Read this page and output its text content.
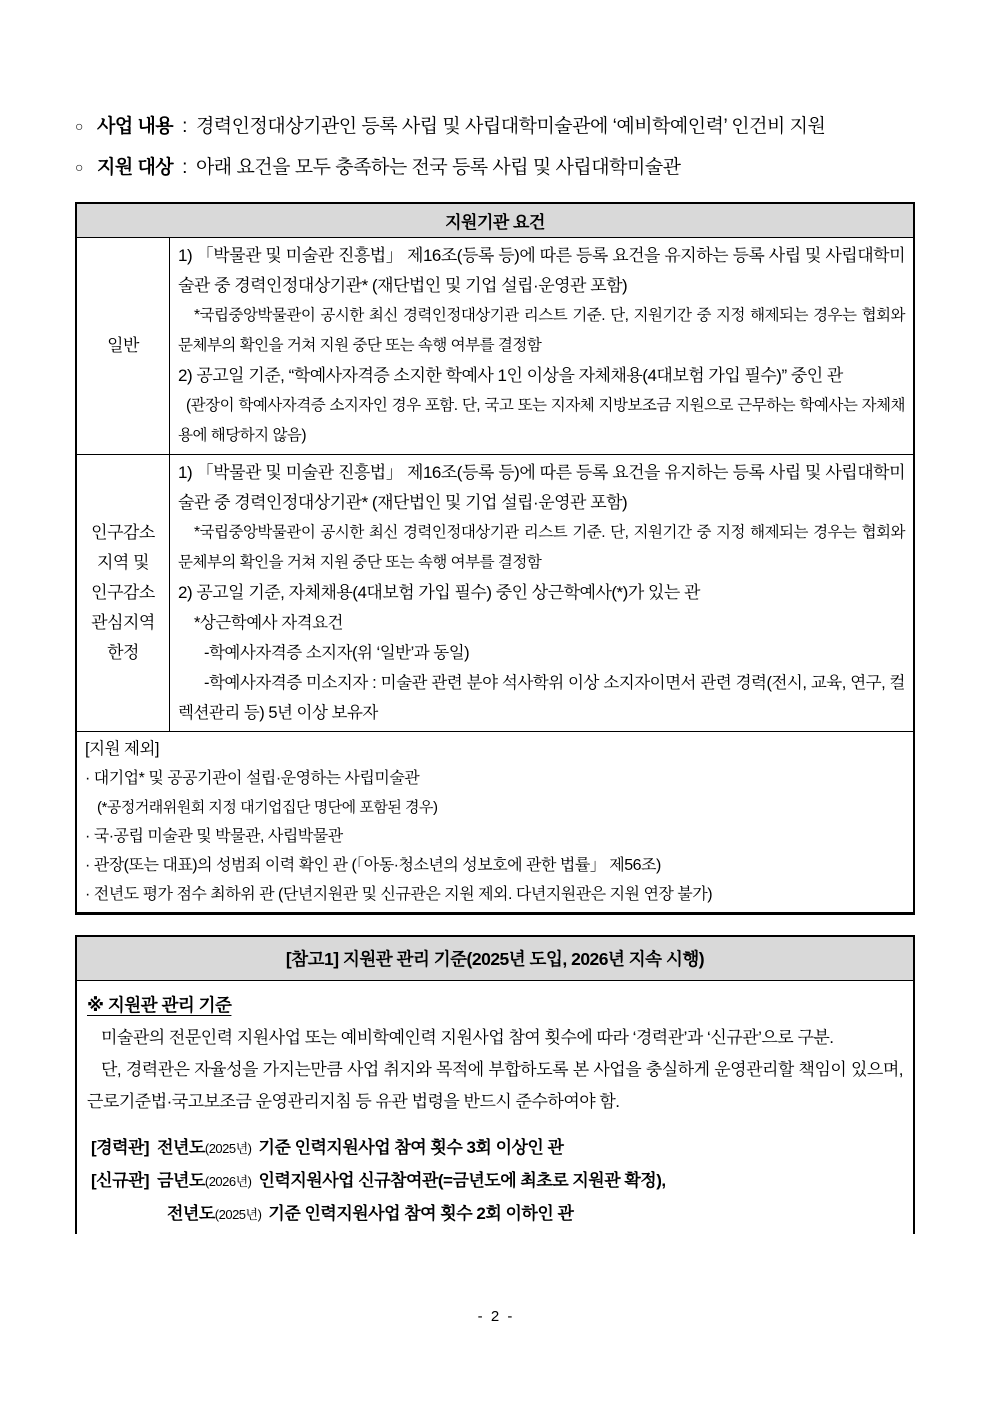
○ 사업 내용 : 경력인정대상기관인 등록 사립 및 사립대학미술관에 ‘예비학예인력’ 인건비 지원
○ 지원 대상 : 아래 요건을 모두 충족하는 전국 등록 사립 및 사립대학미술관
지원기관 요건
일반

1) 「박물관 및 미술관 진흥법」 제16조(등록 등)에 따른 등록 요건을 유지하는 등록 사립 및 사립대학미술관 중 경력인정대상기관* (재단법인 및 기업 설립·운영관 포함)

*국립중앙박물관이 공시한 최신 경력인정대상기관 리스트 기준. 단, 지원기간 중 지정 해제되는 경우는 협회와 문체부의 확인을 거쳐 지원 중단 또는 속행 여부를 결정함

2) 공고일 기준, “학예사자격증 소지한 학예사 1인 이상을 자체채용(4대보험 가입 필수)” 중인 관

(관장이 학예사자격증 소지자인 경우 포함. 단, 국고 또는 지자체 지방보조금 지원으로 근무하는 학예사는 자체채용에 해당하지 않음)

인구감소 지역 및 인구감소 관심지역 한정

1) 「박물관 및 미술관 진흥법」 제16조(등록 등)에 따른 등록 요건을 유지하는 등록 사립 및 사립대학미술관 중 경력인정대상기관* (재단법인 및 기업 설립·운영관 포함)

*국립중앙박물관이 공시한 최신 경력인정대상기관 리스트 기준. 단, 지원기간 중 지정 해제되는 경우는 협회와 문체부의 확인을 거쳐 지원 중단 또는 속행 여부를 결정함

2) 공고일 기준, 자체채용(4대보험 가입 필수) 중인 상근학예사(*)가 있는 관

*상근학예사 자격요건

-학예사자격증 소지자(위 ‘일반’과 동일)

-학예사자격증 미소지자 : 미술관 관련 분야 석사학위 이상 소지자이면서 관련 경력(전시, 교육, 연구, 컬렉션관리 등) 5년 이상 보유자

[지원 제외]

· 대기업* 및 공공기관이 설립·운영하는 사립미술관

(*공정거래위원회 지정 대기업집단 명단에 포함된 경우)

· 국·공립 미술관 및 박물관, 사립박물관

· 관장(또는 대표)의 성범죄 이력 확인 관 (「아동·청소년의 성보호에 관한 법률」 제56조)

· 전년도 평가 점수 최하위 관 (단년지원관 및 신규관은 지원 제외. 다년지원관은 지원 연장 불가)

[참고1] 지원관 관리 기준(2025년 도입, 2026년 지속 시행)

※ 지원관 관리 기준

미술관의 전문인력 지원사업 또는 예비학예인력 지원사업 참여 횟수에 따라 ‘경력관’과 ‘신규관’으로 구분.

단, 경력관은 자율성을 가지는만큼 사업 취지와 목적에 부합하도록 본 사업을 충실하게 운영관리할 책임이 있으며, 근로기준법·국고보조금 운영관리지침 등 유관 법령을 반드시 준수하여야 함.

[경력관] 전년도(2025년) 기준 인력지원사업 참여 횟수 3회 이상인 관

[신규관] 금년도(2026년) 인력지원사업 신규참여관(=금년도에 최초로 지원관 확정),

전년도(2025년) 기준 인력지원사업 참여 횟수 2회 이하인 관

- 2 -
